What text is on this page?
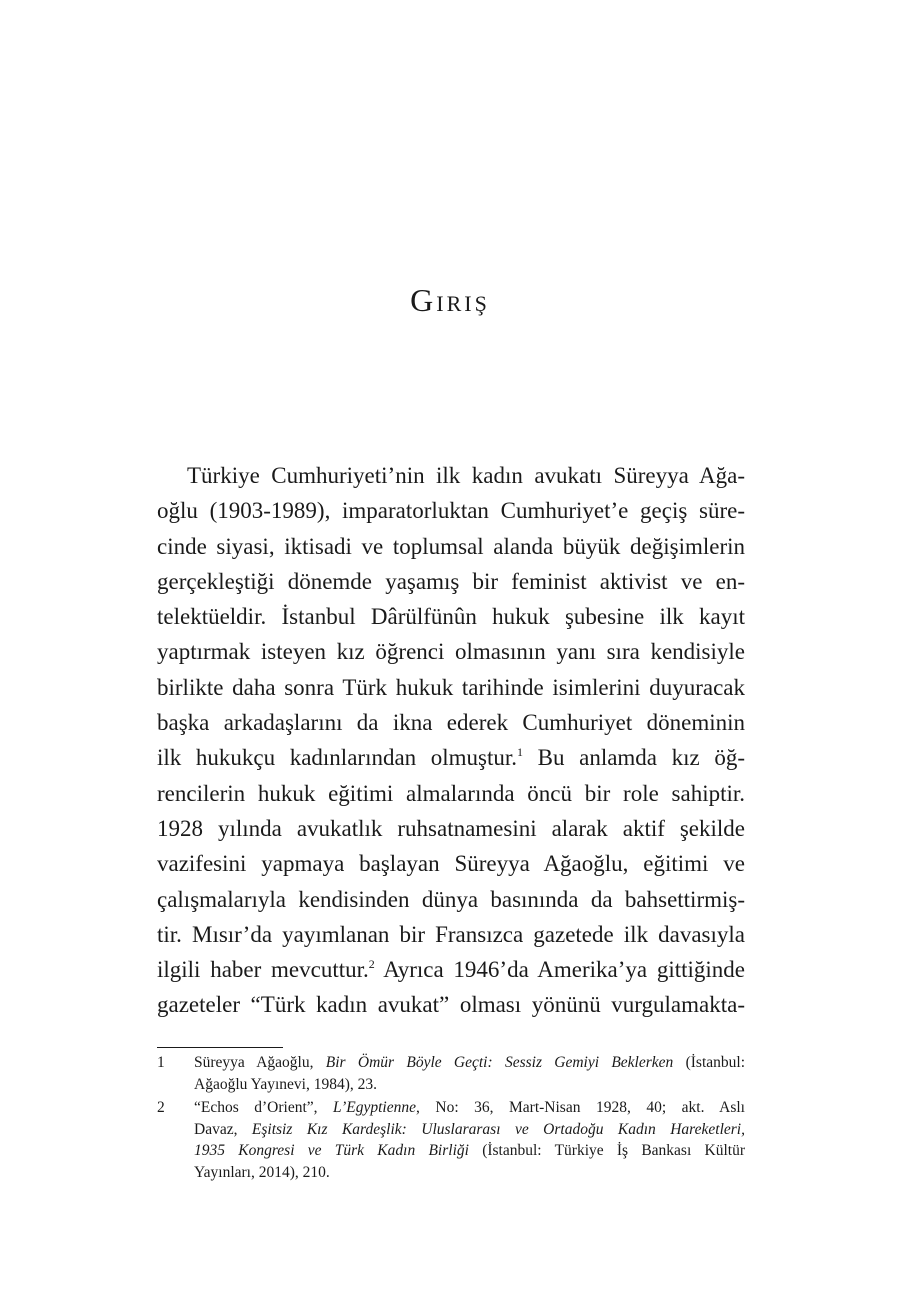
Giriş
Türkiye Cumhuriyeti’nin ilk kadın avukatı Süreyya Ağa-
oğlu (1903-1989), imparatorluktan Cumhuriyet’e geçiş süre-
cinde siyasi, iktisadi ve toplumsal alanda büyük değişimlerin
gerçekleştiği dönemde yaşamış bir feminist aktivist ve en-
telektüeldir. İstanbul Dârülfünûn hukuk şubesine ilk kayıt
yaptırmak isteyen kız öğrenci olmasının yanı sıra kendisiyle
birlikte daha sonra Türk hukuk tarihinde isimlerini duyuracak
başka arkadaşlarını da ikna ederek Cumhuriyet döneminin
ilk hukukçu kadınlarından olmuştur.$^1$ Bu anlamda kız öğ-
rencilerin hukuk eğitimi almalarında öncü bir role sahiptir.
1928 yılında avukatlık ruhsatnamesini alarak aktif şekilde
vazifesini yapmaya başlayan Süreyya Ağaoğlu, eğitimi ve
çalışmalarıyla kendisinden dünya basınında da bahsettirmiş-
tir. Mısır’da yayımlanan bir Fransızca gazetede ilk davasıyla
ilgili haber mevcuttur.$^2$ Ayrıca 1946’da Amerika’ya gittiğinde
gazeteler “Türk kadın avukat” olması yönünü vurgulamakta-
1	Süreyya Ağaoğlu, Bir Ömür Böyle Geçti: Sessiz Gemiyi Beklerken (İstanbul:
Ağaoğlu Yayınevi, 1984), 23.
2	“Echos d’Orient”, L’Egyptienne, No: 36, Mart-Nisan 1928, 40; akt. Aslı
Davaz, Eşitsiz Kız Kardeşlik: Uluslararası ve Ortadoğu Kadın Hareketleri,
1935 Kongresi ve Türk Kadın Birliği (İstanbul: Türkiye İş Bankası Kültür
Yayınları, 2014), 210.
